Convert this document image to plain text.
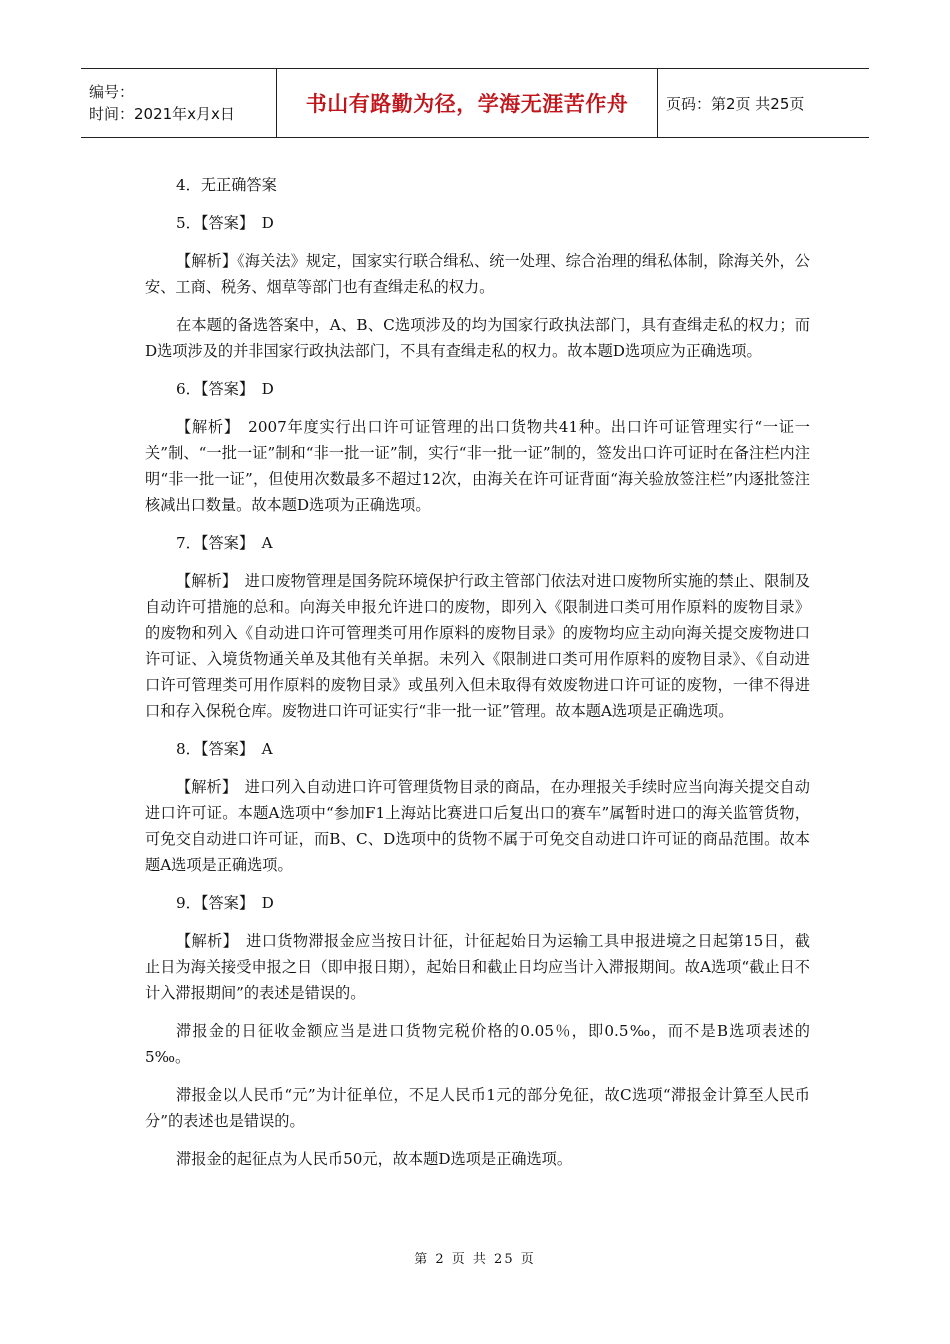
编号：
时间：2021年x月x日	书山有路勤为径，学海无涯苦作舟	页码：第2页 共25页

4．无正确答案

5．【答案】　D

【解析】《海关法》规定，国家实行联合缉私、统一处理、综合治理的缉私体制，除海关外，公安、工商、税务、烟草等部门也有查缉走私的权力。

在本题的备选答案中，A、B、C选项涉及的均为国家行政执法部门，具有查缉走私的权力；而D选项涉及的并非国家行政执法部门，不具有查缉走私的权力。故本题D选项应为正确选项。

6．【答案】　D

【解析】　2007年度实行出口许可证管理的出口货物共41种。出口许可证管理实行“一证一关”制、“一批一证”制和“非一批一证”制，实行“非一批一证”制的，签发出口许可证时在备注栏内注明“非一批一证”，但使用次数最多不超过12次，由海关在许可证背面“海关验放签注栏”内逐批签注核减出口数量。故本题D选项为正确选项。

7．【答案】　A

【解析】　进口废物管理是国务院环境保护行政主管部门依法对进口废物所实施的禁止、限制及自动许可措施的总和。向海关申报允许进口的废物，即列入《限制进口类可用作原料的废物目录》的废物和列入《自动进口许可管理类可用作原料的废物目录》的废物均应主动向海关提交废物进口许可证、入境货物通关单及其他有关单据。未列入《限制进口类可用作原料的废物目录》、《自动进口许可管理类可用作原料的废物目录》或虽列入但未取得有效废物进口许可证的废物，一律不得进口和存入保税仓库。废物进口许可证实行“非一批一证”管理。故本题A选项是正确选项。

8．【答案】　A

【解析】　进口列入自动进口许可管理货物目录的商品，在办理报关手续时应当向海关提交自动进口许可证。本题A选项中“参加F1上海站比赛进口后复出口的赛车”属暂时进口的海关监管货物，可免交自动进口许可证，而B、C、D选项中的货物不属于可免交自动进口许可证的商品范围。故本题A选项是正确选项。

9．【答案】　D

【解析】　进口货物滞报金应当按日计征，计征起始日为运输工具申报进境之日起第15日，截止日为海关接受申报之日（即申报日期），起始日和截止日均应当计入滞报期间。故A选项“截止日不计入滞报期间”的表述是错误的。

滞报金的日征收金额应当是进口货物完税价格的0.05％，即0.5‰，而不是B选项表述的5‰。

滞报金以人民币“元”为计征单位，不足人民币1元的部分免征，故C选项“滞报金计算至人民币分”的表述也是错误的。

滞报金的起征点为人民币50元，故本题D选项是正确选项。

第 2 页 共 25 页
